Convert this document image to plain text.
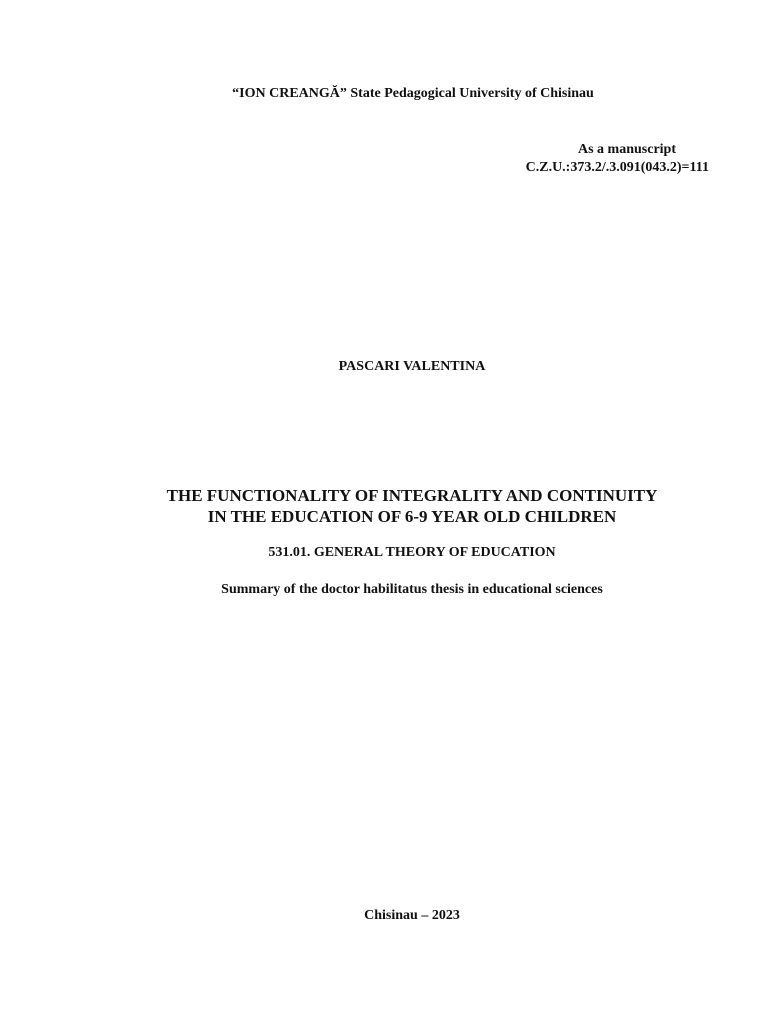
“ION CREANGĂ” State Pedagogical University of Chisinau
As a manuscript
C.Z.U.:373.2/.3.091(043.2)=111
PASCARI VALENTINA
THE FUNCTIONALITY OF INTEGRALITY AND CONTINUITY
IN THE EDUCATION OF 6-9 YEAR OLD CHILDREN
531.01. GENERAL THEORY OF EDUCATION
Summary of the doctor habilitatus thesis in educational sciences
Chisinau – 2023
